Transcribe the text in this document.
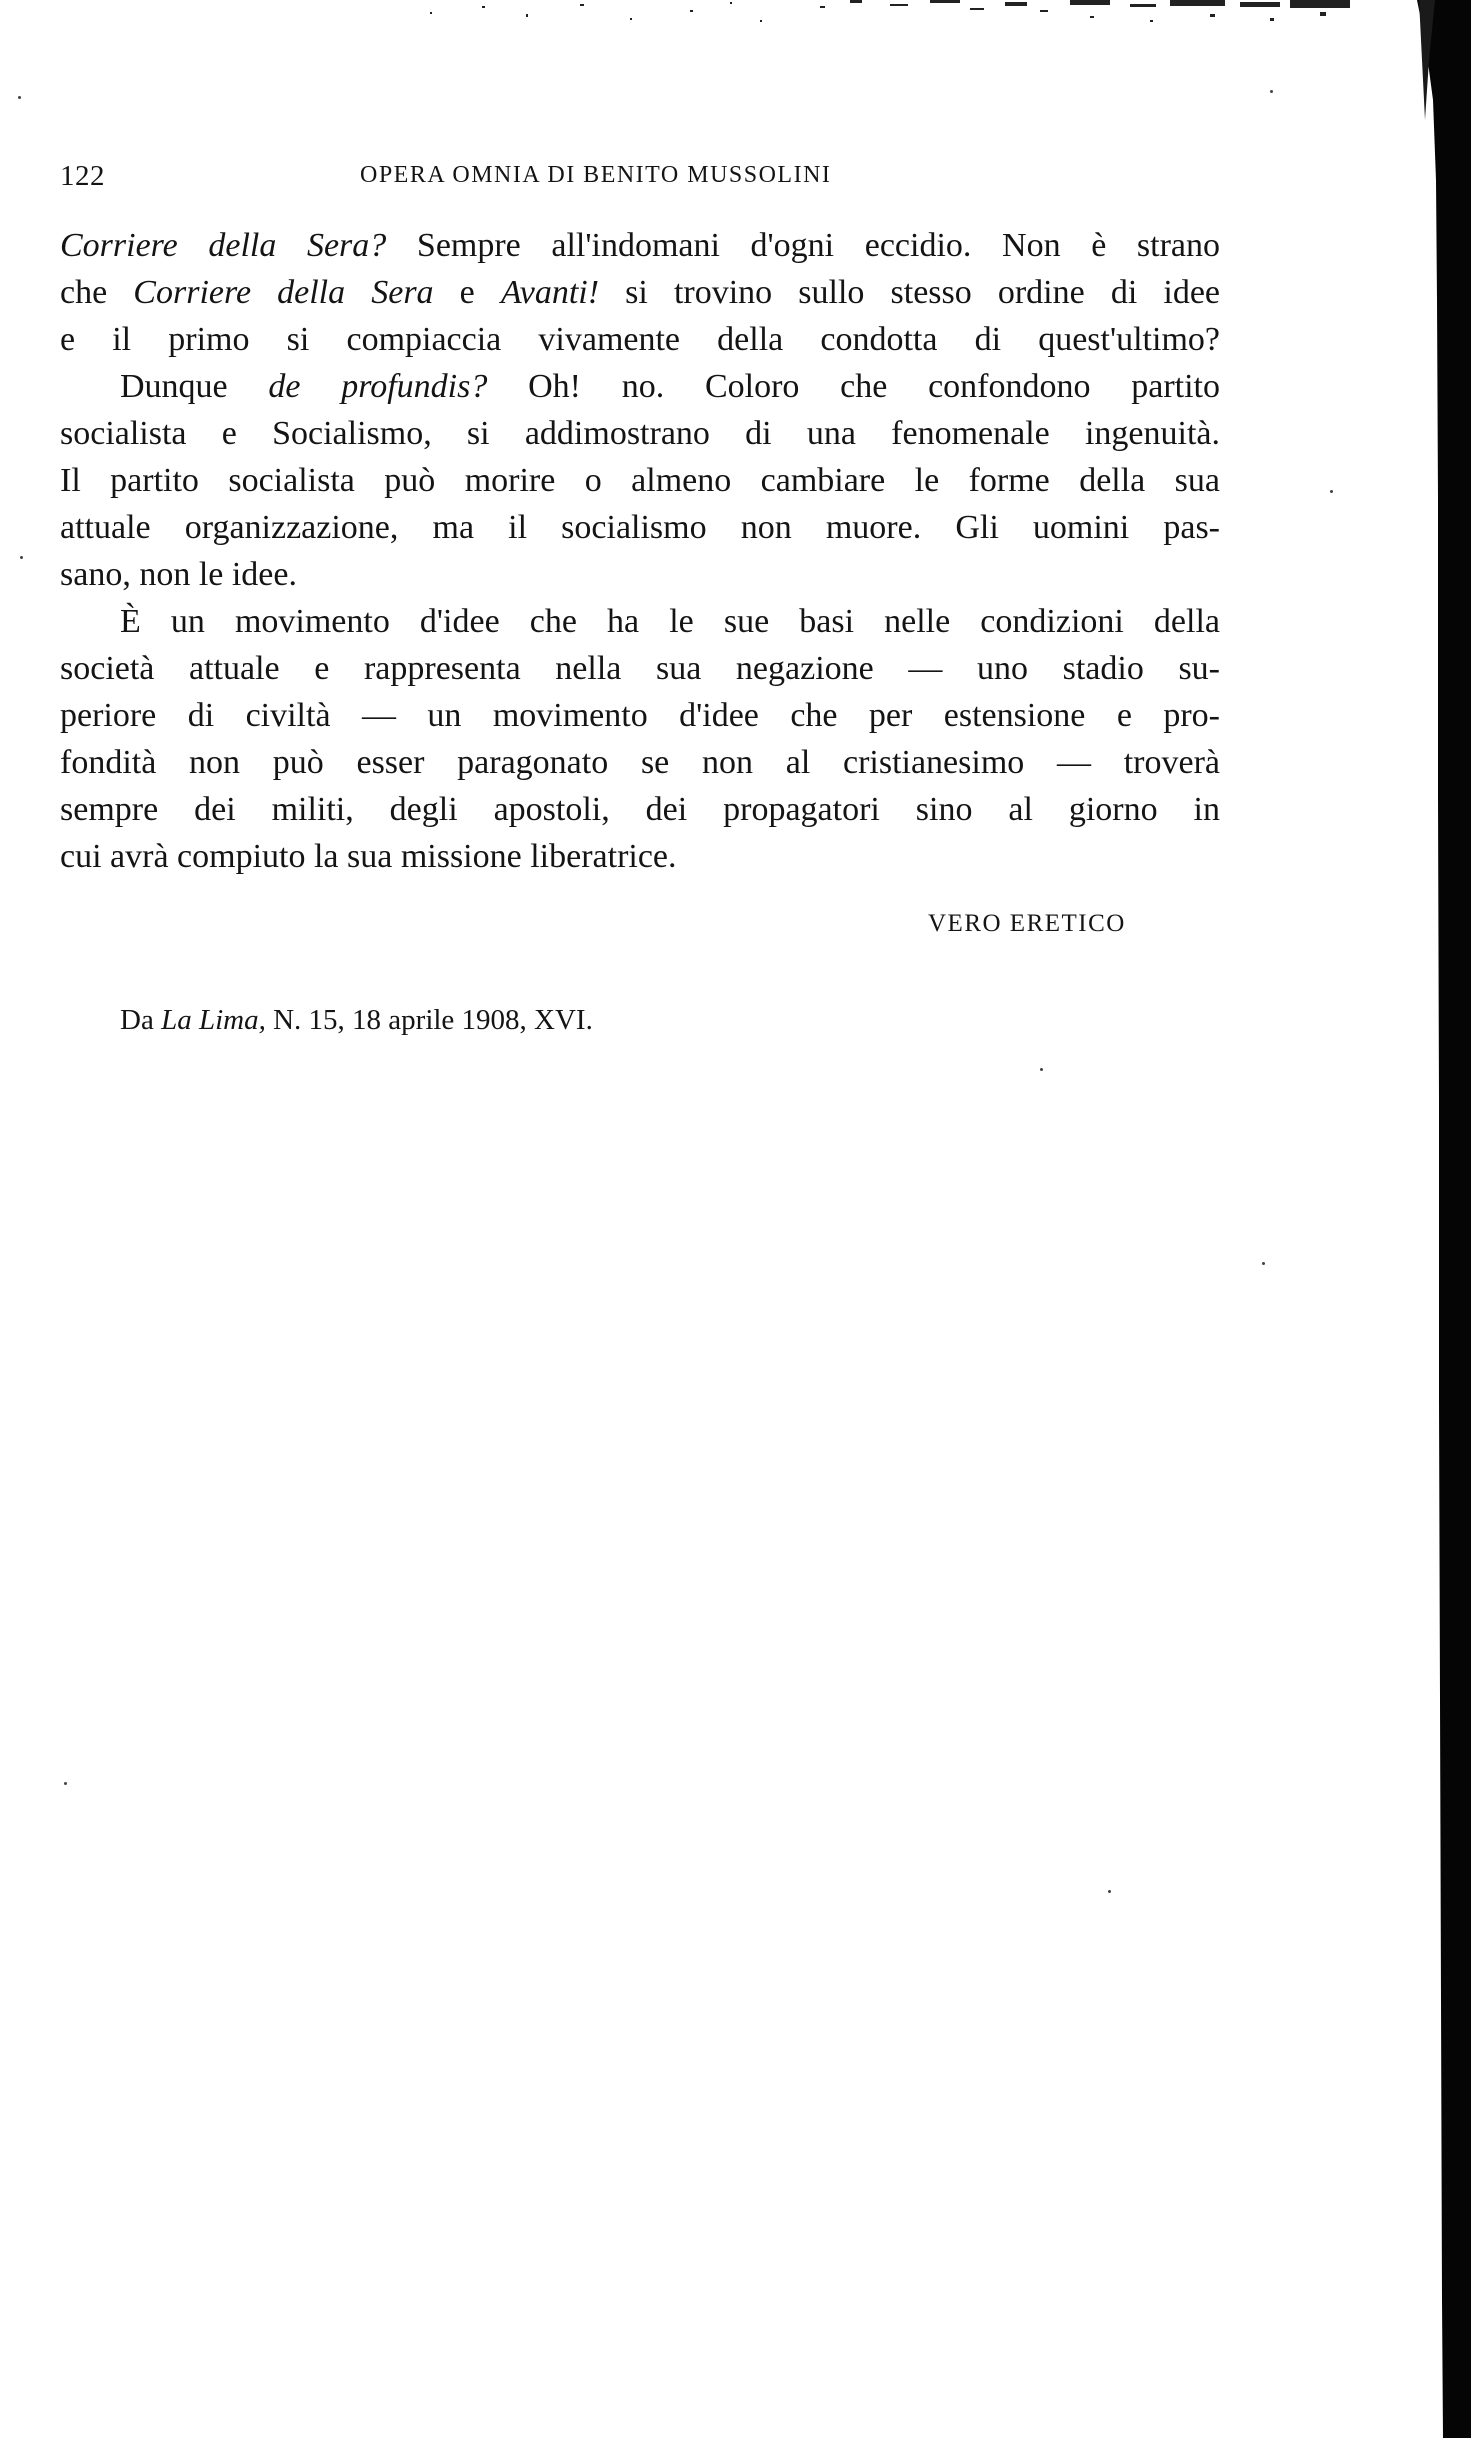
122	OPERA OMNIA DI BENITO MUSSOLINI
Corriere della Sera? Sempre all'indomani d'ogni eccidio. Non è strano
che Corriere della Sera e Avanti! si trovino sullo stesso ordine di idee
e il primo si compiaccia vivamente della condotta di quest'ultimo?
Dunque de profundis? Oh! no. Coloro che confondono partito
socialista e Socialismo, si addimostrano di una fenomenale ingenuità.
Il partito socialista può morire o almeno cambiare le forme della sua
attuale organizzazione, ma il socialismo non muore. Gli uomini pas-
sano, non le idee.
È un movimento d'idee che ha le sue basi nelle condizioni della
società attuale e rappresenta nella sua negazione — uno stadio su-
periore di civiltà — un movimento d'idee che per estensione e pro-
fondità non può esser paragonato se non al cristianesimo — troverà
sempre dei militi, degli apostoli, dei propagatori sino al giorno in
cui avrà compiuto la sua missione liberatrice.
VERO ERETICO
Da La Lima, N. 15, 18 aprile 1908, XVI.
